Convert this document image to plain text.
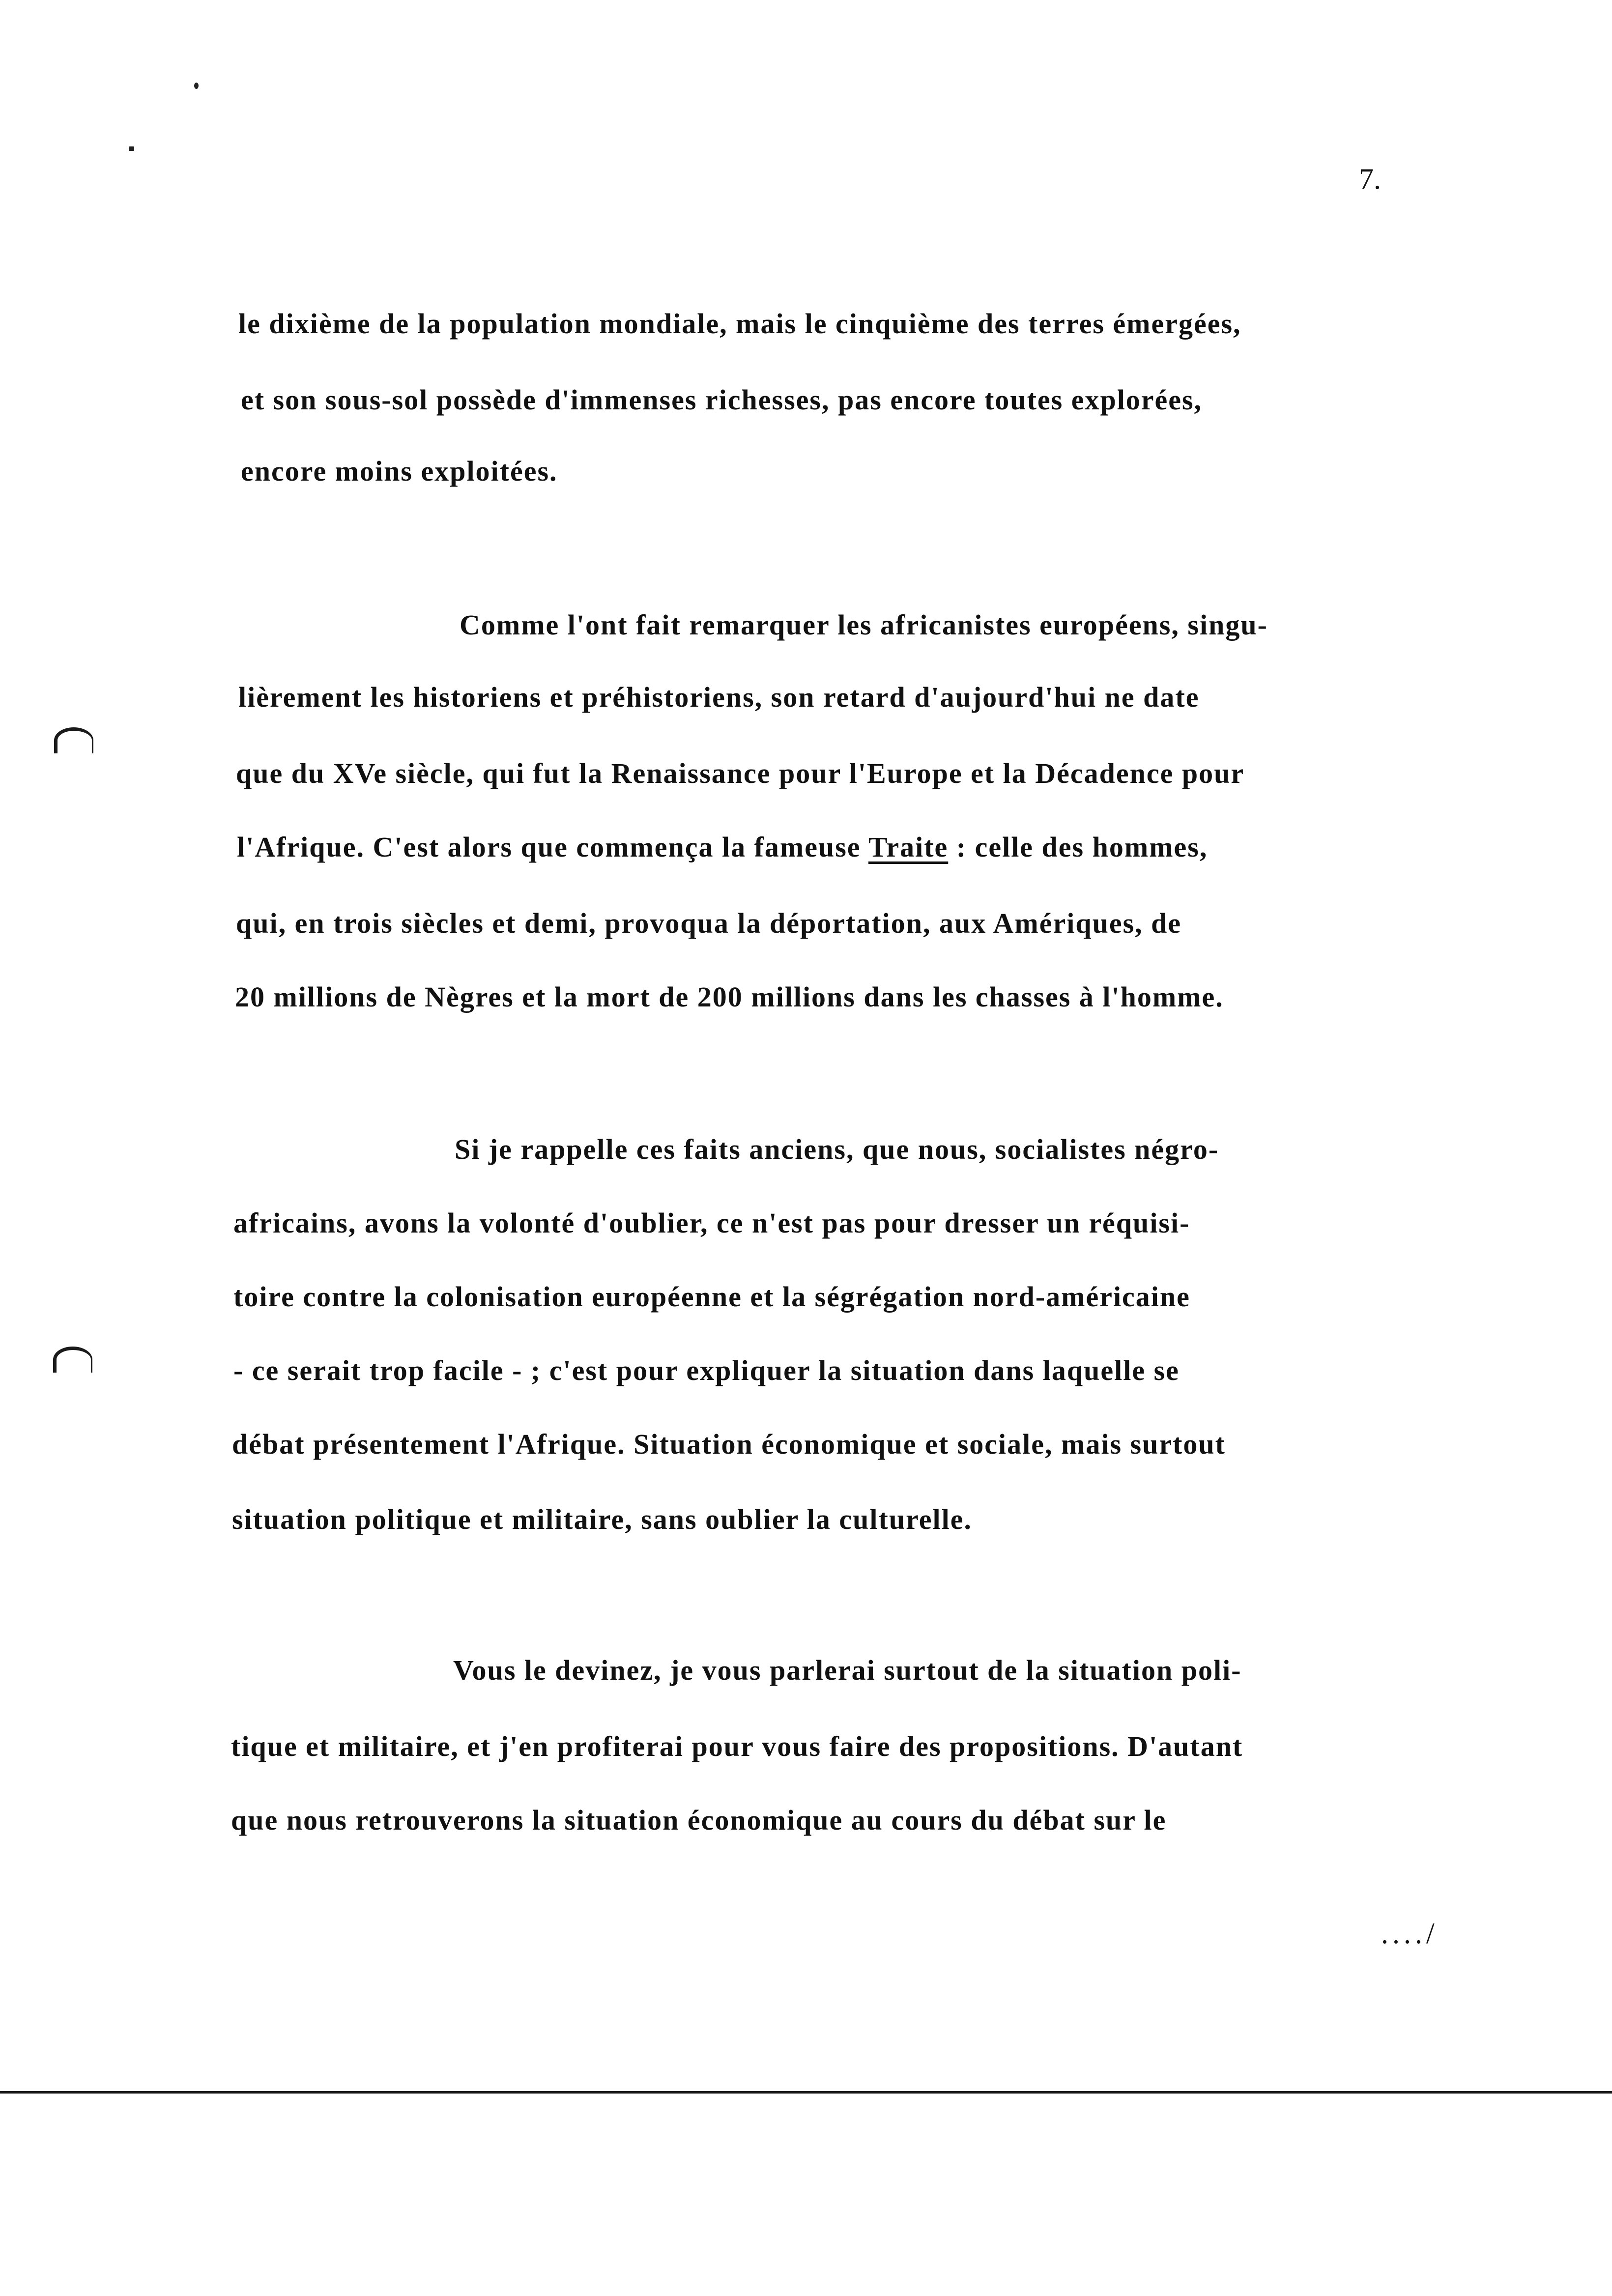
7.
le dixième de la population mondiale, mais le cinquième des terres émergées,
et son sous-sol possède d'immenses richesses, pas encore toutes explorées,
encore moins exploitées.
Comme l'ont fait remarquer les africanistes européens, singu-
lièrement les historiens et préhistoriens, son retard d'aujourd'hui ne date
que du XVe siècle, qui fut la Renaissance pour l'Europe et la Décadence pour
l'Afrique. C'est alors que commença la fameuse Traite : celle des hommes,
qui, en trois siècles et demi, provoqua la déportation, aux Amériques, de
20 millions de Nègres et la mort de 200 millions dans les chasses à l'homme.
Si je rappelle ces faits anciens, que nous, socialistes négro-
africains, avons la volonté d'oublier, ce n'est pas pour dresser un réquisi-
toire contre la colonisation européenne et la ségrégation nord-américaine
- ce serait trop facile - ; c'est pour expliquer la situation dans laquelle se
débat présentement l'Afrique. Situation économique et sociale, mais surtout
situation politique et militaire, sans oublier la culturelle.
Vous le devinez, je vous parlerai surtout de la situation poli-
tique et militaire, et j'en profiterai pour vous faire des propositions. D'autant
que nous retrouverons la situation économique au cours du débat sur le
..../
